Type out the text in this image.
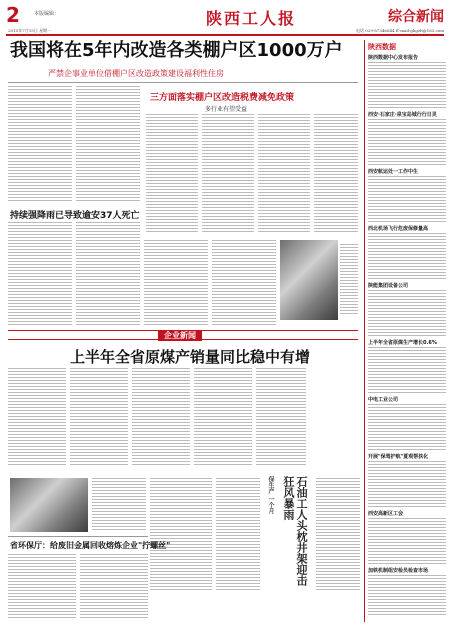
2	本版编辑：	陕西工人报	综合新闻
2015年7月15日 星期一	电话 029-87346644 E-mail:ghgzb@163.com
我国将在5年内改造各类棚户区1000万户
严禁企事业单位借棚户区改造政策建设福利性住房
三方面落实棚户区改造税费减免政策
多行业有望受益
持续强降雨已导致逾安37人死亡
企业新闻
上半年全省原煤产销量同比稳中有增
石油工人头枕井架迎击狂风暴雨
保生产 一个月
省环保厅：给废旧金属回收熔炼企业"拧螺丝"
陕西数据
陕西数据中心发布报告
西安·石家庄·泉宝岛城行行日灵
西安航运处一工作中生
西北机场飞行危废保修量高
陕能集团设备公司
上半年全省原煤生产增长0.6%
中电工业公司
开展"保驾护航"夏观帮扶化
西安高新区工会
加铁机制组安检员检查市场
